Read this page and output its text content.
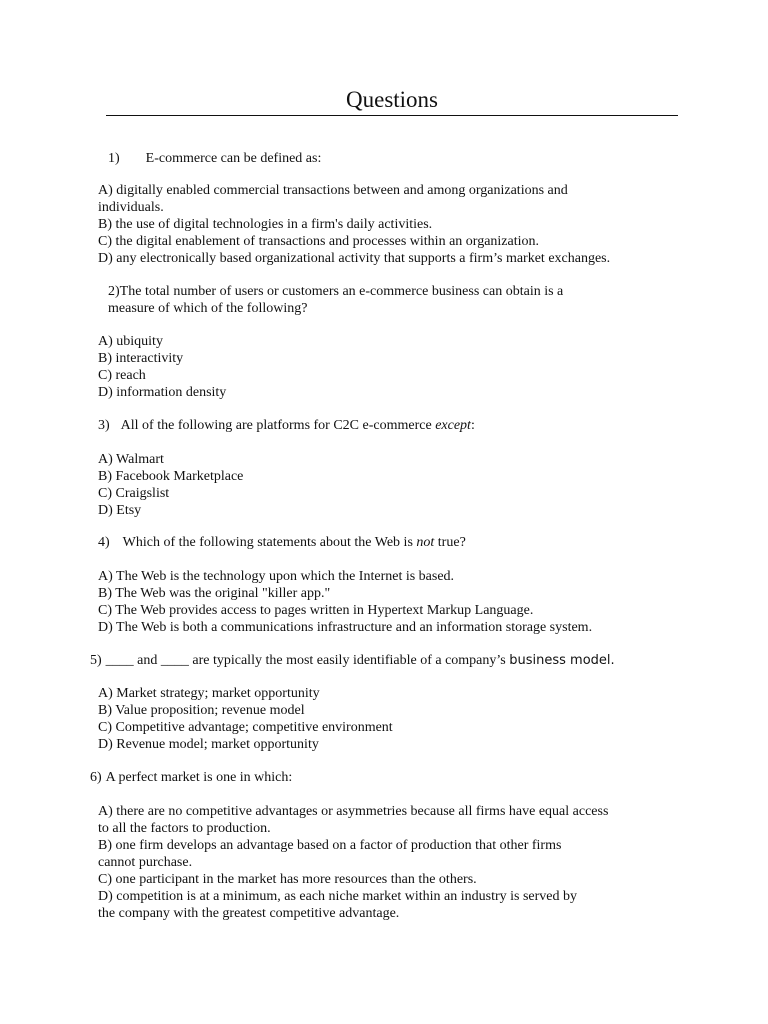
Questions
1) E-commerce can be defined as:
A) digitally enabled commercial transactions between and among organizations and
individuals.
B) the use of digital technologies in a firm's daily activities.
C) the digital enablement of transactions and processes within an organization.
D) any electronically based organizational activity that supports a firm’s market exchanges.
2)The total number of users or customers an e-commerce business can obtain is a
measure of which of the following?
A) ubiquity
B) interactivity
C) reach
D) information density
3) All of the following are platforms for C2C e-commerce except:
A) Walmart
B) Facebook Marketplace
C) Craigslist
D) Etsy
4) Which of the following statements about the Web is not true?
A) The Web is the technology upon which the Internet is based.
B) The Web was the original "killer app."
C) The Web provides access to pages written in Hypertext Markup Language.
D) The Web is both a communications infrastructure and an information storage system.
5) ____ and ____ are typically the most easily identifiable of a company’s business model.
A) Market strategy; market opportunity
B) Value proposition; revenue model
C) Competitive advantage; competitive environment
D) Revenue model; market opportunity
6) A perfect market is one in which:
A) there are no competitive advantages or asymmetries because all firms have equal access
to all the factors to production.
B) one firm develops an advantage based on a factor of production that other firms
cannot purchase.
C) one participant in the market has more resources than the others.
D) competition is at a minimum, as each niche market within an industry is served by
the company with the greatest competitive advantage.
